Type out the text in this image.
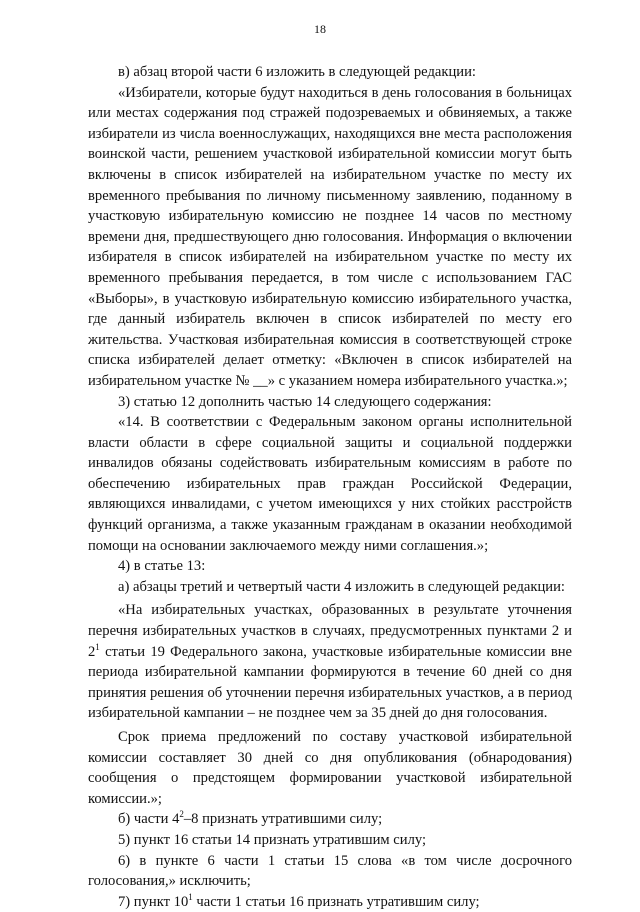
18

в) абзац второй части 6 изложить в следующей редакции:

«Избиратели, которые будут находиться в день голосования в больницах или местах содержания под стражей подозреваемых и обвиняемых, а также избиратели из числа военнослужащих, находящихся вне места расположения воинской части, решением участковой избирательной комиссии могут быть включены в список избирателей на избирательном участке по месту их временного пребывания по личному письменному заявлению, поданному в участковую избирательную комиссию не позднее 14 часов по местному времени дня, предшествующего дню голосования. Информация о включении избирателя в список избирателей на избирательном участке по месту их временного пребывания передается, в том числе с использованием ГАС «Выборы», в участковую избирательную комиссию избирательного участка, где данный избиратель включен в список избирателей по месту его жительства. Участковая избирательная комиссия в соответствующей строке списка избирателей делает отметку: «Включен в список избирателей на избирательном участке № __» с указанием номера избирательного участка.»;

3) статью 12 дополнить частью 14 следующего содержания:

«14. В соответствии с Федеральным законом органы исполнительной власти области в сфере социальной защиты и социальной поддержки инвалидов обязаны содействовать избирательным комиссиям в работе по обеспечению избирательных прав граждан Российской Федерации, являющихся инвалидами, с учетом имеющихся у них стойких расстройств функций организма, а также указанным гражданам в оказании необходимой помощи на основании заключаемого между ними соглашения.»;

4) в статье 13:

а) абзацы третий и четвертый части 4 изложить в следующей редакции:

«На избирательных участках, образованных в результате уточнения перечня избирательных участков в случаях, предусмотренных пунктами 2 и $2^1$ статьи 19 Федерального закона, участковые избирательные комиссии вне периода избирательной кампании формируются в течение 60 дней со дня принятия решения об уточнении перечня избирательных участков, а в период избирательной кампании – не позднее чем за 35 дней до дня голосования.

Срок приема предложений по составу участковой избирательной комиссии составляет 30 дней со дня опубликования (обнародования) сообщения о предстоящем формировании участковой избирательной комиссии.»;

б) части $4^2-8$ признать утратившими силу;

5) пункт 16 статьи 14 признать утратившим силу;

6) в пункте 6 части 1 статьи 15 слова «в том числе досрочного голосования,» исключить;

7) пункт $10^1$ части 1 статьи 16 признать утратившим силу;
